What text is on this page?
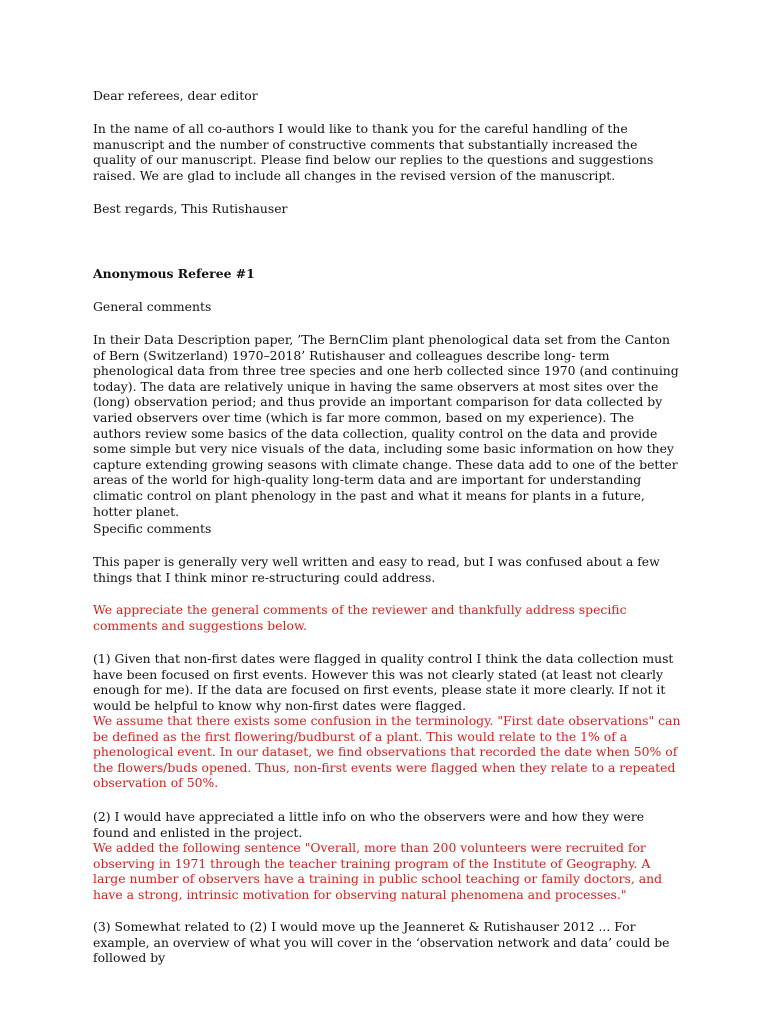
Dear referees, dear editor

In the name of all co-authors I would like to thank you for the careful handling of the manuscript and the number of constructive comments that substantially increased the quality of our manuscript. Please find below our replies to the questions and suggestions raised. We are glad to include all changes in the revised version of the manuscript.

Best regards, This Rutishauser

Anonymous Referee #1

General comments

In their Data Description paper, ’The BernClim plant phenological data set from the Canton of Bern (Switzerland) 1970–2018’ Rutishauser and colleagues describe long- term phenological data from three tree species and one herb collected since 1970 (and continuing today). The data are relatively unique in having the same observers at most sites over the (long) observation period; and thus provide an important comparison for data collected by varied observers over time (which is far more common, based on my experience). The authors review some basics of the data collection, quality control on the data and provide some simple but very nice visuals of the data, including some basic information on how they capture extending growing seasons with climate change. These data add to one of the better areas of the world for high-quality long-term data and are important for understanding climatic control on plant phenology in the past and what it means for plants in a future, hotter planet.

Specific comments

This paper is generally very well written and easy to read, but I was confused about a few things that I think minor re-structuring could address.

We appreciate the general comments of the reviewer and thankfully address specific comments and suggestions below.

(1) Given that non-first dates were flagged in quality control I think the data collection must have been focused on first events. However this was not clearly stated (at least not clearly enough for me). If the data are focused on first events, please state it more clearly. If not it would be helpful to know why non-first dates were flagged.

We assume that there exists some confusion in the terminology. "First date observations" can be defined as the first flowering/budburst of a plant. This would relate to the 1% of a phenological event. In our dataset, we find observations that recorded the date when 50% of the flowers/buds opened. Thus, non-first events were flagged when they relate to a repeated observation of 50%.

(2) I would have appreciated a little info on who the observers were and how they were found and enlisted in the project.

We added the following sentence "Overall, more than 200 volunteers were recruited for observing in 1971 through the teacher training program of the Institute of Geography. A large number of observers have a training in public school teaching or family doctors, and have a strong, intrinsic motivation for observing natural phenomena and processes."

(3) Somewhat related to (2) I would move up the Jeanneret & Rutishauser 2012 ... For example, an overview of what you will cover in the ‘observation network and data’ could be followed by
